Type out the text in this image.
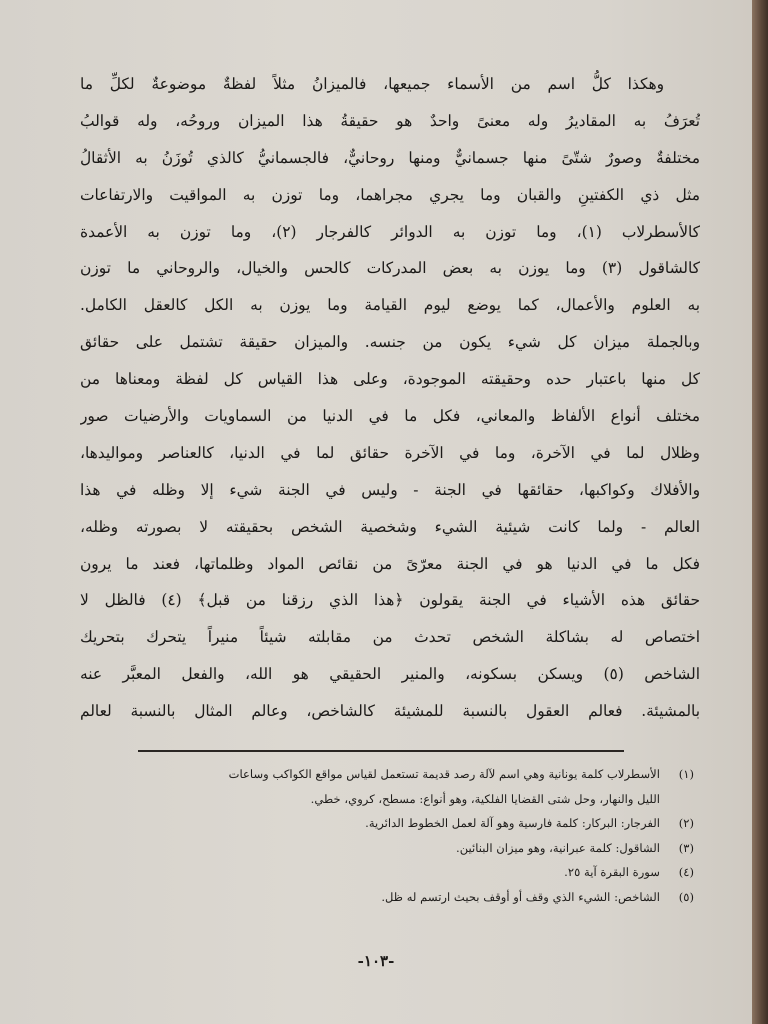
وهكذا كلُّ اسم من الأسماء جميعها، فالميزانُ مثلاً لفظةٌ موضوعةٌ لكلِّ ما
تُعرَفُ به المقاديرُ وله معنىً واحدٌ هو حقيقةُ هذا الميزان وروحُه، وله قوالبُ
مختلفةٌ وصورٌ شتّىً منها جسمانيٌّ ومنها روحانيٌّ، فالجسمانيُّ كالذي تُوزَنُ به الأثقالُ
مثل ذي الكفتينِ والقبان وما يجري مجراهما، وما توزن به المواقيت والارتفاعات
كالأسطرلاب (١)، وما توزن به الدوائر كالفرجار (٢)، وما توزن به الأعمدة
كالشاقول (٣) وما يوزن به بعض المدركات كالحس والخيال، والروحاني ما توزن
به العلوم والأعمال، كما يوضع ليوم القيامة وما يوزن به الكل كالعقل الكامل.
وبالجملة ميزان كل شيء يكون من جنسه. والميزان حقيقة تشتمل على حقائق
كل منها باعتبار حده وحقيقته الموجودة، وعلى هذا القياس كل لفظة ومعناها من
مختلف أنواع الألفاظ والمعاني، فكل ما في الدنيا من السماويات والأرضيات صور
وظلال لما في الآخرة، وما في الآخرة حقائق لما في الدنيا، كالعناصر ومواليدها،
والأفلاك وكواكبها، حقائقها في الجنة - وليس في الجنة شيء إلا وظله في هذا
العالم - ولما كانت شيئية الشيء وشخصية الشخص بحقيقته لا بصورته وظله،
فكل ما في الدنيا هو في الجنة معرّىً من نقائص المواد وظلماتها، فعند ما يرون
حقائق هذه الأشياء في الجنة يقولون ﴿هذا الذي رزقنا من قبل﴾ (٤) فالظل لا
اختصاص له بشاكلة الشخص تحدث من مقابلته شيئاً منيراً يتحرك بتحريك
الشاخص (٥) ويسكن بسكونه، والمنير الحقيقي هو الله، والفعل المعبَّر عنه
بالمشيئة. فعالم العقول بالنسبة للمشيئة كالشاخص، وعالم المثال بالنسبة لعالم
(١)الأسطرلاب كلمة يونانية وهي اسم لآلة رصد قديمة تستعمل لقياس مواقع الكواكب وساعات
الليل والنهار، وحل شتى القضايا الفلكية، وهو أنواع: مسطح، كروي، خطي.
(٢)الفرجار: البركار: كلمة فارسية وهو آلة لعمل الخطوط الدائرية.
(٣)الشاقول: كلمة عبرانية، وهو ميزان البنائين.
(٤)سورة البقرة آية ٢٥.
(٥)الشاخص: الشيء الذي وقف أو أوقف بحيث ارتسم له ظل.
-١٠٣-
